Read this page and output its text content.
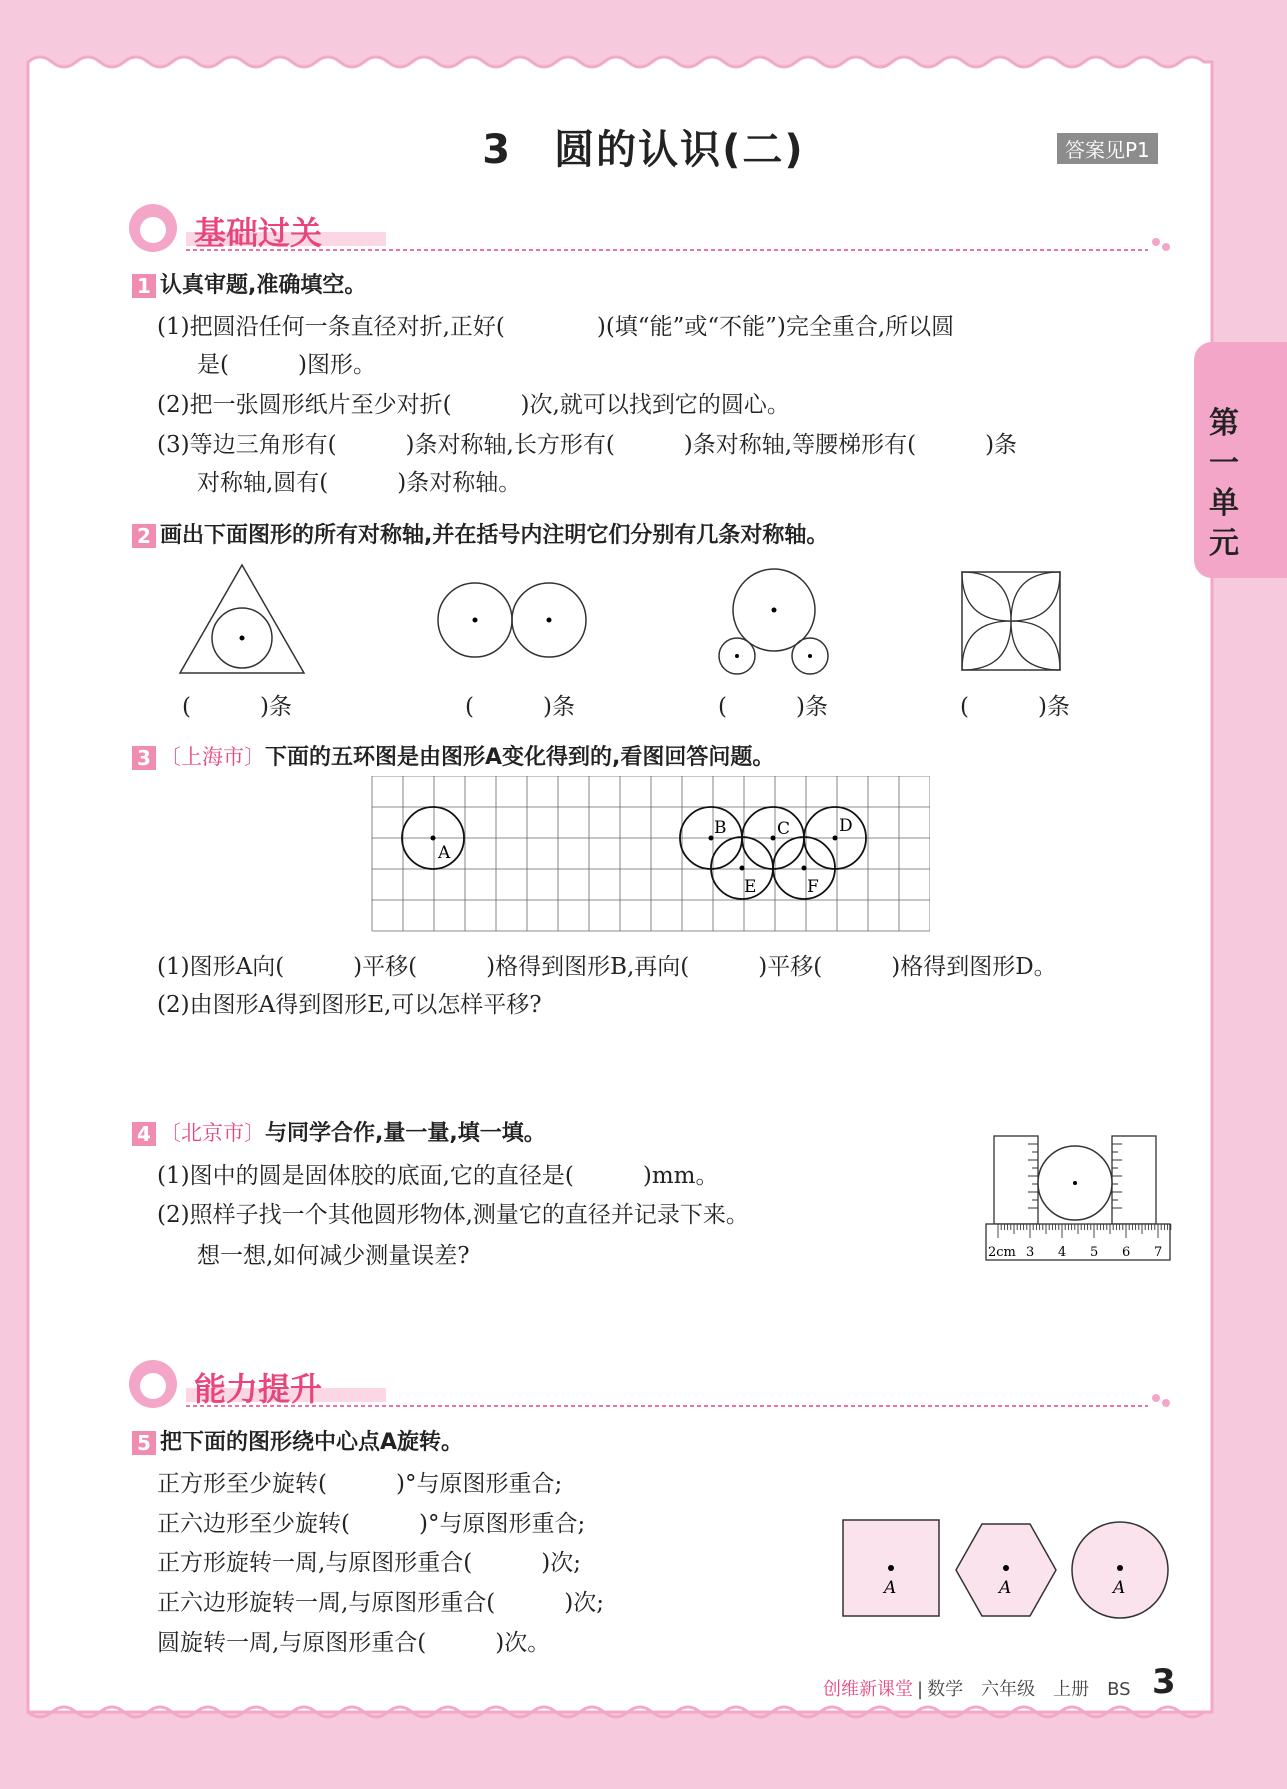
3　圆的认识(二)	答案见P1
第
一
单
元
基础过关
1 认真审题,准确填空。
(1)把圆沿任何一条直径对折,正好(　　　　)(填“能”或“不能”)完全重合,所以圆
是(　　　)图形。
(2)把一张圆形纸片至少对折(　　　)次,就可以找到它的圆心。
(3)等边三角形有(　　　)条对称轴,长方形有(　　　)条对称轴,等腰梯形有(　　　)条
对称轴,圆有(　　　)条对称轴。
2 画出下面图形的所有对称轴,并在括号内注明它们分别有几条对称轴。
(　　　)条	(　　　)条	(　　　)条	(　　　)条
3 〔上海市〕下面的五环图是由图形A变化得到的,看图回答问题。
A
B	C	D
E	F
(1)图形A向(　　　)平移(　　　)格得到图形B,再向(　　　)平移(　　　)格得到图形D。
(2)由图形A得到图形E,可以怎样平移?
4 〔北京市〕与同学合作,量一量,填一填。
(1)图中的圆是固体胶的底面,它的直径是(　　　)mm。
(2)照样子找一个其他圆形物体,测量它的直径并记录下来。
想一想,如何减少测量误差?	2cm 3 4 5 6 7
能力提升
5 把下面的图形绕中心点A旋转。
正方形至少旋转(　　　)°与原图形重合;
正六边形至少旋转(　　　)°与原图形重合;
正方形旋转一周,与原图形重合(　　　)次;
正六边形旋转一周,与原图形重合(　　　)次;
圆旋转一周,与原图形重合(　　　)次。
A	A	A
创维新课堂 | 数学　六年级　上册　BS 3
